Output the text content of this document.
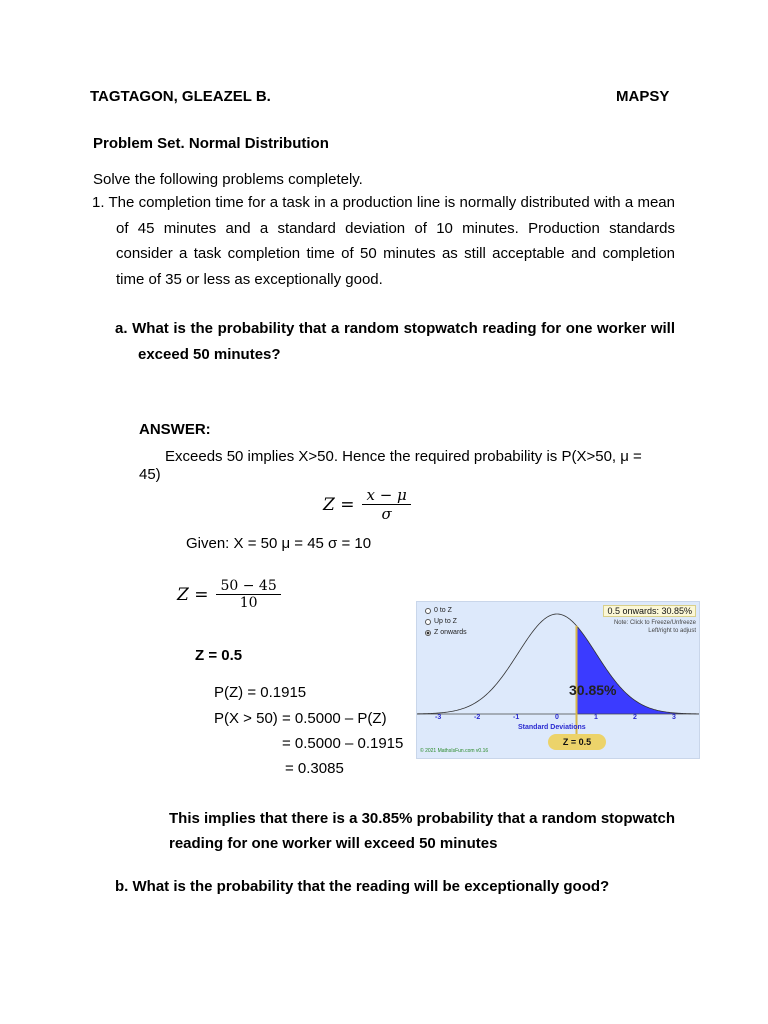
TAGTAGON, GLEAZEL B.	MAPSY
Problem Set. Normal Distribution
Solve the following problems completely.
1. The completion time for a task in a production line is normally distributed with a mean of 45 minutes and a standard deviation of 10 minutes. Production standards consider a task completion time of 50 minutes as still acceptable and completion time of 35 or less as exceptionally good.
a. What is the probability that a random stopwatch reading for one worker will exceed 50 minutes?
ANSWER:
Exceeds 50 implies X>50. Hence the required probability is P(X>50, μ = 45)
$Z = \frac{x - \mu}{\sigma}$
Given: X = 50 μ = 45 σ = 10
$Z = \frac{50 - 45}{10}$
Z = 0.5
P(Z) = 0.1915
P(X > 50) = 0.5000 – P(Z)
= 0.5000 – 0.1915
= 0.3085
0 to Z
Up to Z
Z onwards
0.5 onwards: 30.85%
Note: Click to Freeze/Unfreeze
Left/right to adjust
30.85%
Standard Deviations
Z = 0.5
© 2021 MathsIsFun.com v0.16
-3	-2	-1	0	1	2	3
This implies that there is a 30.85% probability that a random stopwatch reading for one worker will exceed 50 minutes
b. What is the probability that the reading will be exceptionally good?
